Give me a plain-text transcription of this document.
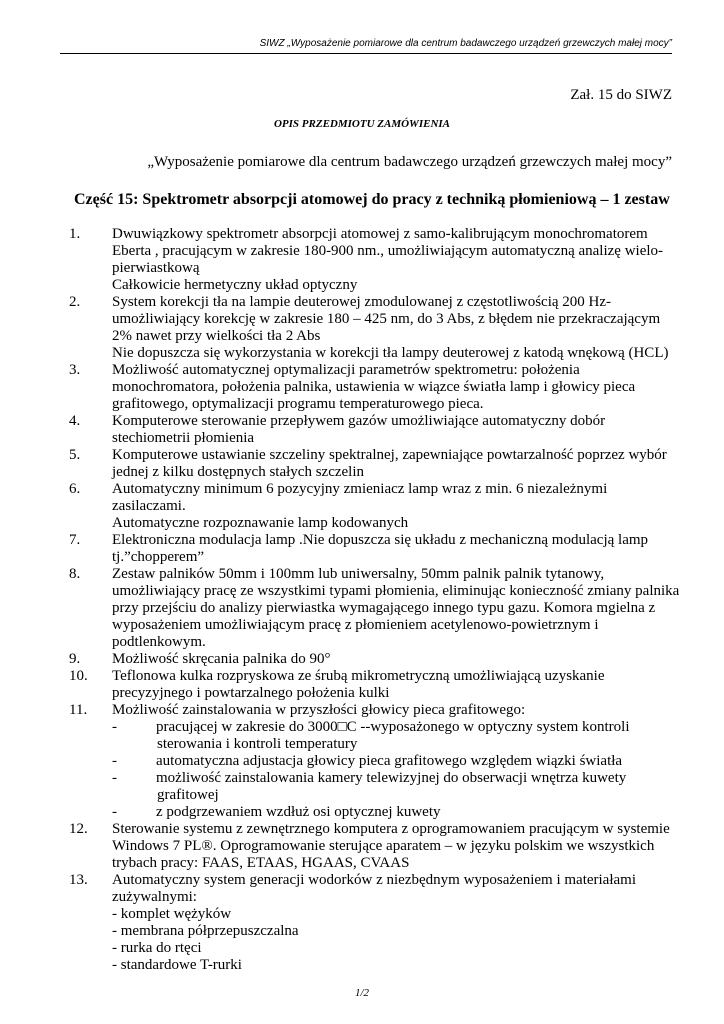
SIWZ „Wyposażenie pomiarowe dla centrum badawczego urządzeń grzewczych małej mocy”
Zał. 15 do SIWZ
OPIS PRZEDMIOTU ZAMÓWIENIA
„Wyposażenie pomiarowe dla centrum badawczego urządzeń grzewczych małej mocy”
Część 15: Spektrometr absorpcji atomowej do pracy z techniką płomieniową – 1 zestaw
1. Dwuwiązkowy spektrometr absorpcji atomowej z samo-kalibrującym monochromatorem
Eberta , pracującym w zakresie 180-900 nm., umożliwiającym automatyczną analizę wielo-
pierwiastkową
Całkowicie hermetyczny układ optyczny
2. System korekcji tła na lampie deuterowej zmodulowanej z częstotliwością 200 Hz-
umożliwiający korekcję w zakresie 180 – 425 nm, do 3 Abs, z błędem nie przekraczającym
2% nawet przy wielkości tła 2 Abs
Nie dopuszcza się wykorzystania w korekcji tła lampy deuterowej z katodą wnękową (HCL)
3. Możliwość automatycznej optymalizacji parametrów spektrometru: położenia
monochromatora, położenia palnika, ustawienia w wiązce światła lamp i głowicy pieca
grafitowego, optymalizacji programu temperaturowego pieca.
4. Komputerowe sterowanie przepływem gazów umożliwiające automatyczny dobór
stechiometrii płomienia
5. Komputerowe ustawianie szczeliny spektralnej, zapewniające powtarzalność poprzez wybór
jednej z kilku dostępnych stałych szczelin
6. Automatyczny minimum 6 pozycyjny zmieniacz lamp wraz z min. 6 niezależnymi
zasilaczami.
Automatyczne rozpoznawanie lamp kodowanych
7. Elektroniczna modulacja lamp .Nie dopuszcza się układu z mechaniczną modulacją lamp
tj.”chopperem”
8. Zestaw palników 50mm i 100mm lub uniwersalny, 50mm palnik palnik tytanowy,
umożliwiający pracę ze wszystkimi typami płomienia, eliminując konieczność zmiany palnika
przy przejściu do analizy pierwiastka wymagającego innego typu gazu. Komora mgielna z
wyposażeniem umożliwiającym pracę z płomieniem acetylenowo-powietrznym i
podtlenkowym.
9. Możliwość skręcania palnika do 90°
10. Teflonowa kulka rozpryskowa ze śrubą mikrometryczną umożliwiającą uzyskanie
precyzyjnego i powtarzalnego położenia kulki
11. Możliwość zainstalowania w przyszłości głowicy pieca grafitowego:
-	pracującej w zakresie do 3000□C --wyposażonego w optyczny system kontroli
sterowania i kontroli temperatury
-	automatyczna adjustacja głowicy pieca grafitowego względem wiązki światła
-	możliwość zainstalowania kamery telewizyjnej do obserwacji wnętrza kuwety
grafitowej
-	z podgrzewaniem wzdłuż osi optycznej kuwety
12. Sterowanie systemu z zewnętrznego komputera z oprogramowaniem pracującym w systemie
Windows 7 PL®. Oprogramowanie sterujące aparatem – w języku polskim we wszystkich
trybach pracy: FAAS, ETAAS, HGAAS, CVAAS
13. Automatyczny system generacji wodorków z niezbędnym wyposażeniem i materiałami
zużywalnymi:
- komplet wężyków
- membrana półprzepuszczalna
- rurka do rtęci
- standardowe T-rurki
1/2
